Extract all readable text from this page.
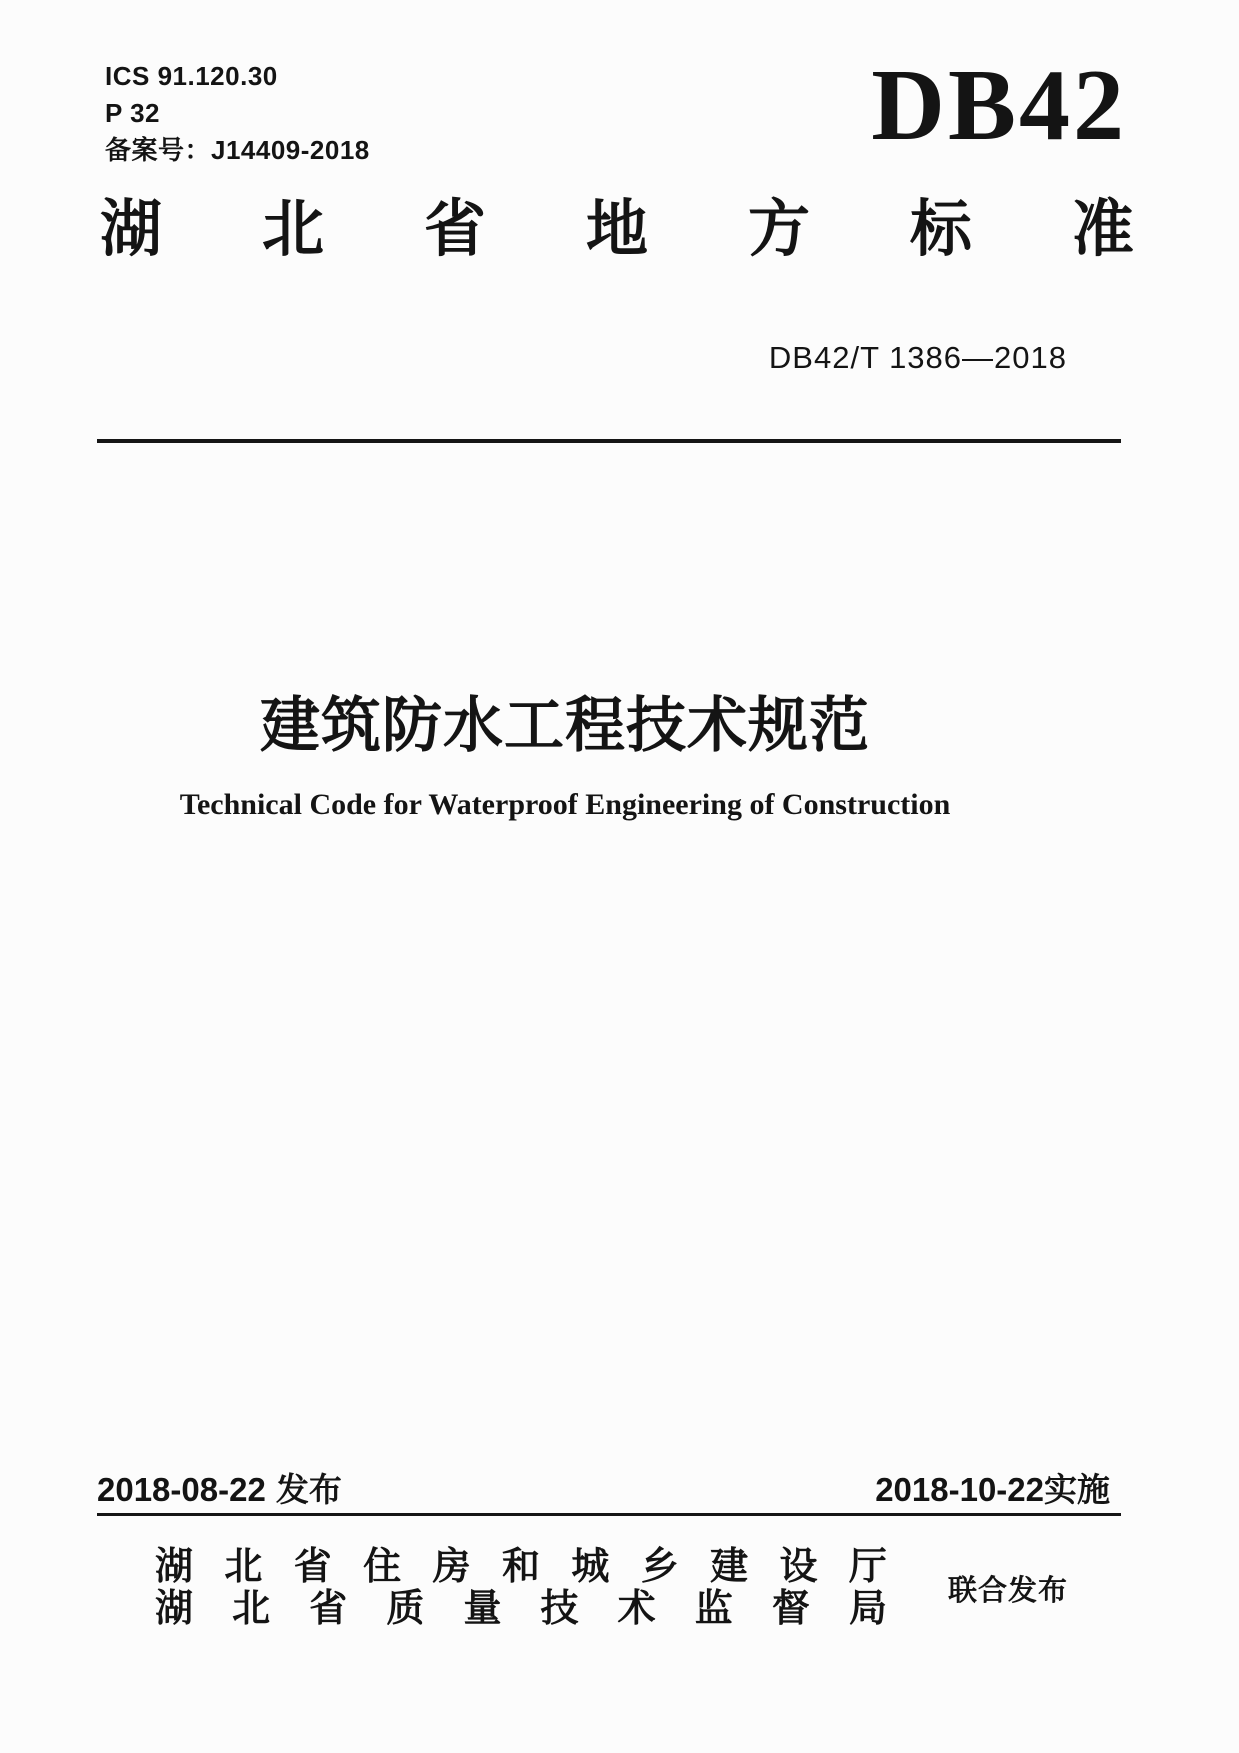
ICS 91.120.30
P 32
备案号：J14409-2018	DB42
湖 北 省 地 方 标 准
DB42/T 1386—2018
建筑防水工程技术规范
Technical Code for Waterproof Engineering of Construction
2018-08-22 发布	2018-10-22实施
湖 北 省 住 房 和 城 乡 建 设 厅
湖 北 省 质 量 技 术 监 督 局 联合发布
